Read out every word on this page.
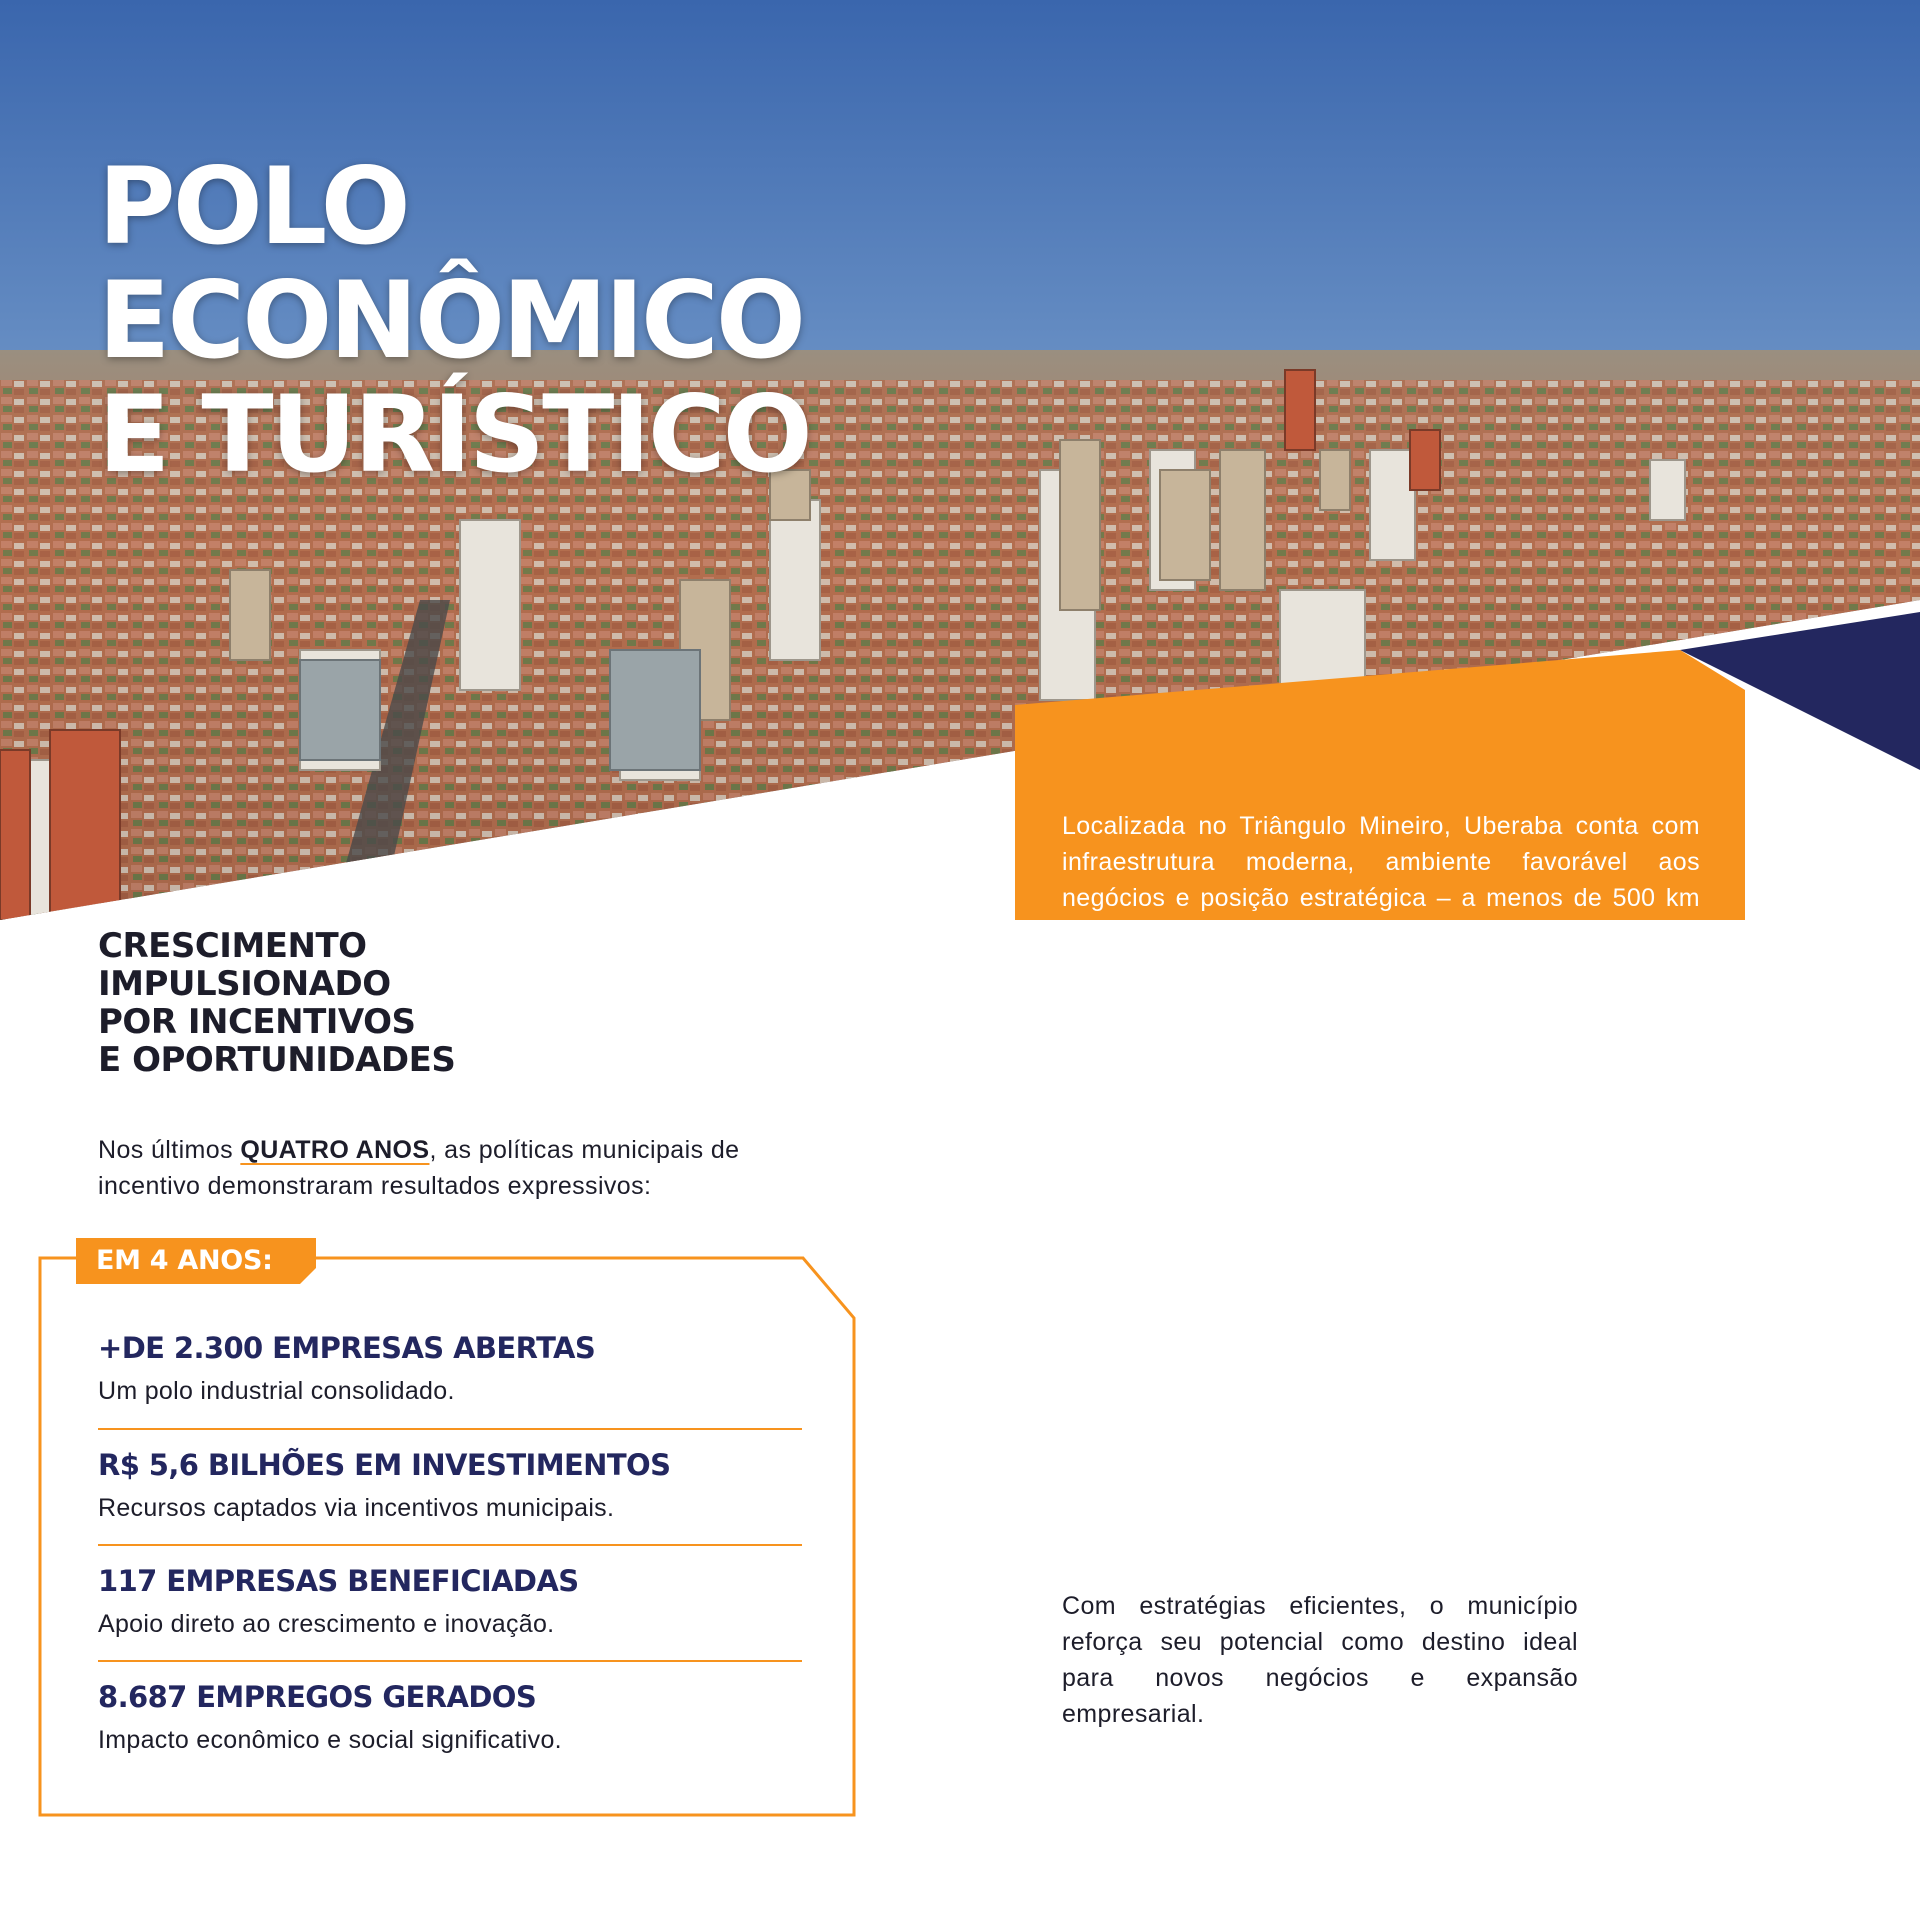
POLO
ECONÔMICO
E TURÍSTICO
CRESCIMENTO
IMPULSIONADO
POR INCENTIVOS
E OPORTUNIDADES
Nos últimos QUATRO ANOS, as políticas municipais de incentivo demonstraram resultados expressivos:
EM 4 ANOS:
+DE 2.300 EMPRESAS ABERTAS
Um polo industrial consolidado.
R$ 5,6 BILHÕES EM INVESTIMENTOS
Recursos captados via incentivos municipais.
117 EMPRESAS BENEFICIADAS
Apoio direto ao crescimento e inovação.
8.687 EMPREGOS GERADOS
Impacto econômico e social significativo.

Localizada no Triângulo Mineiro, Uberaba conta com infraestrutura moderna, ambiente favorável aos negócios e posição estratégica – a menos de 500 km de São Paulo, Belo Horizonte e Brasília.

Com cerca de 338 mil habitantes, a cidade abriga um ecossistema dinâmico voltado à inovação, tecnologia e sustentabilidade. Seu PIB ultrapassa R$ 21 bilhões, impulsionado por setores como o agronegócio, a indústria e os serviços.

Uberaba também se destaca pela qualidade de vida: investe continuamente em educação, saúde, mobilidade e preservação ambiental. O município atrai turistas, investidores e empreendedores que buscam oportunidades de crescimento.

Com estratégias eficientes, o município reforça seu potencial como destino ideal para novos negócios e expansão empresarial.
